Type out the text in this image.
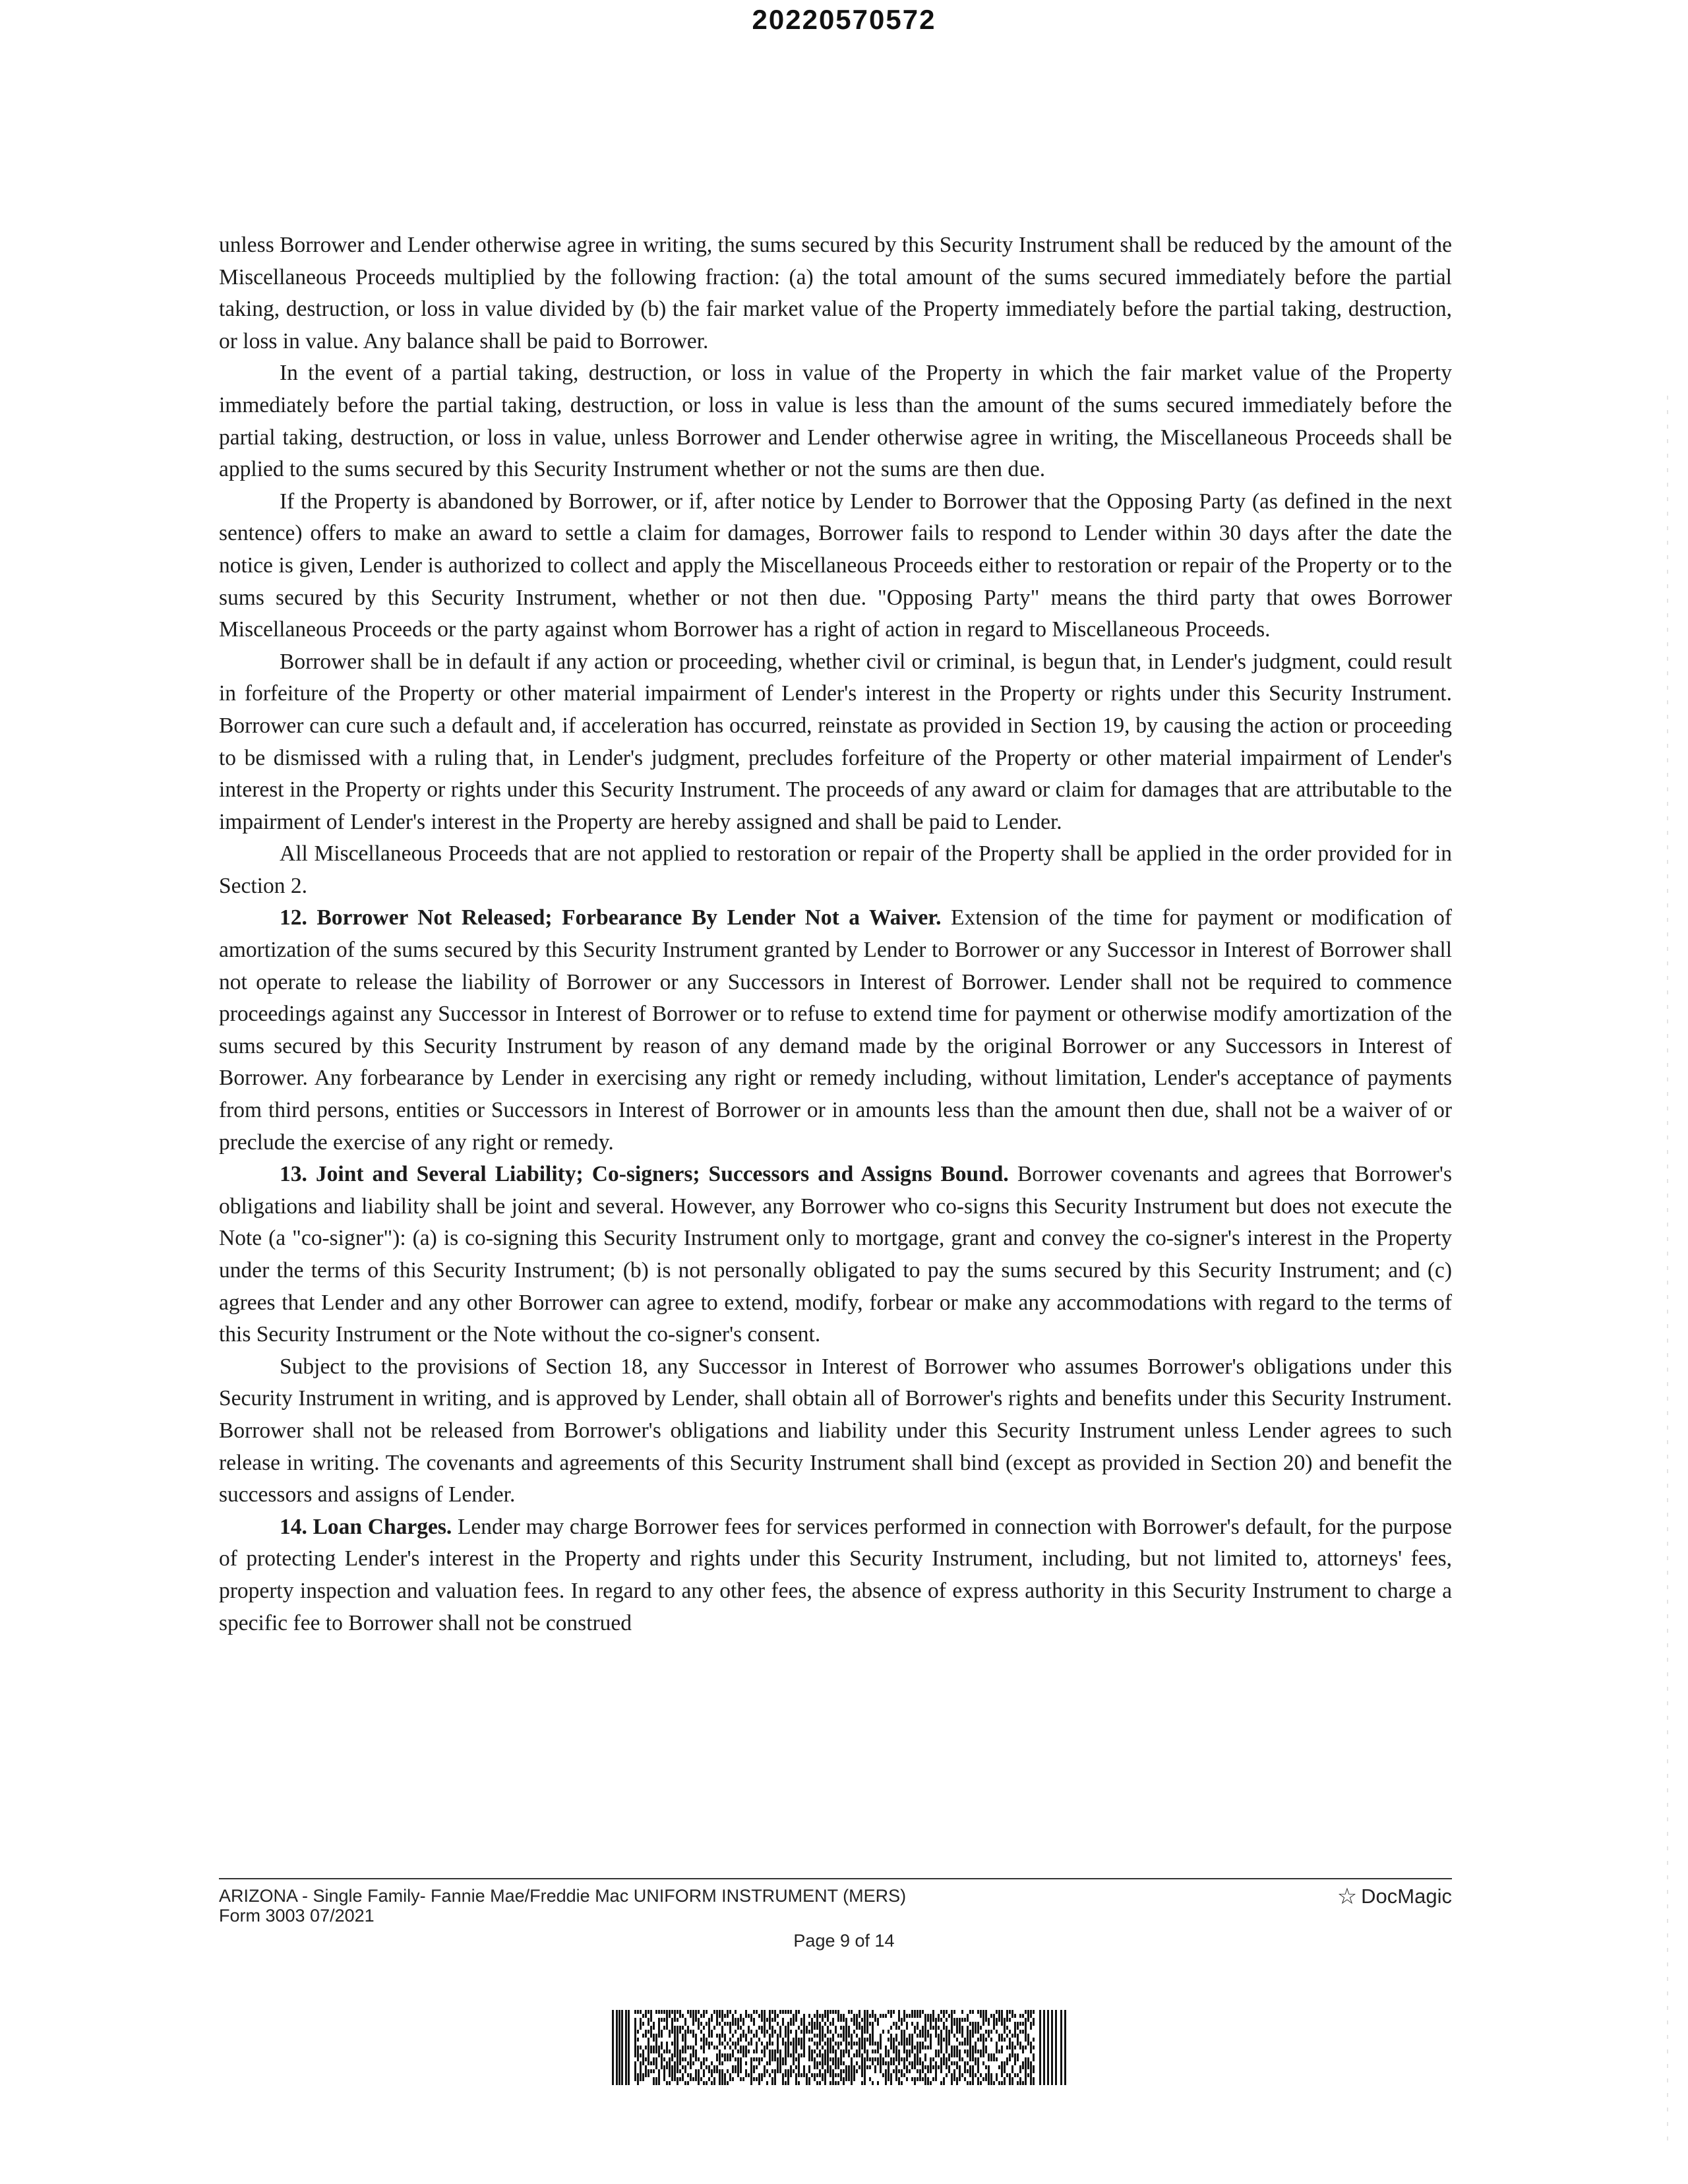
20220570572

unless Borrower and Lender otherwise agree in writing, the sums secured by this Security Instrument shall be reduced by the amount of the Miscellaneous Proceeds multiplied by the following fraction: (a) the total amount of the sums secured immediately before the partial taking, destruction, or loss in value divided by (b) the fair market value of the Property immediately before the partial taking, destruction, or loss in value. Any balance shall be paid to Borrower.

In the event of a partial taking, destruction, or loss in value of the Property in which the fair market value of the Property immediately before the partial taking, destruction, or loss in value is less than the amount of the sums secured immediately before the partial taking, destruction, or loss in value, unless Borrower and Lender otherwise agree in writing, the Miscellaneous Proceeds shall be applied to the sums secured by this Security Instrument whether or not the sums are then due.

If the Property is abandoned by Borrower, or if, after notice by Lender to Borrower that the Opposing Party (as defined in the next sentence) offers to make an award to settle a claim for damages, Borrower fails to respond to Lender within 30 days after the date the notice is given, Lender is authorized to collect and apply the Miscellaneous Proceeds either to restoration or repair of the Property or to the sums secured by this Security Instrument, whether or not then due. "Opposing Party" means the third party that owes Borrower Miscellaneous Proceeds or the party against whom Borrower has a right of action in regard to Miscellaneous Proceeds.

Borrower shall be in default if any action or proceeding, whether civil or criminal, is begun that, in Lender's judgment, could result in forfeiture of the Property or other material impairment of Lender's interest in the Property or rights under this Security Instrument. Borrower can cure such a default and, if acceleration has occurred, reinstate as provided in Section 19, by causing the action or proceeding to be dismissed with a ruling that, in Lender's judgment, precludes forfeiture of the Property or other material impairment of Lender's interest in the Property or rights under this Security Instrument. The proceeds of any award or claim for damages that are attributable to the impairment of Lender's interest in the Property are hereby assigned and shall be paid to Lender.

All Miscellaneous Proceeds that are not applied to restoration or repair of the Property shall be applied in the order provided for in Section 2.

12. Borrower Not Released; Forbearance By Lender Not a Waiver. Extension of the time for payment or modification of amortization of the sums secured by this Security Instrument granted by Lender to Borrower or any Successor in Interest of Borrower shall not operate to release the liability of Borrower or any Successors in Interest of Borrower. Lender shall not be required to commence proceedings against any Successor in Interest of Borrower or to refuse to extend time for payment or otherwise modify amortization of the sums secured by this Security Instrument by reason of any demand made by the original Borrower or any Successors in Interest of Borrower. Any forbearance by Lender in exercising any right or remedy including, without limitation, Lender's acceptance of payments from third persons, entities or Successors in Interest of Borrower or in amounts less than the amount then due, shall not be a waiver of or preclude the exercise of any right or remedy.

13. Joint and Several Liability; Co-signers; Successors and Assigns Bound. Borrower covenants and agrees that Borrower's obligations and liability shall be joint and several. However, any Borrower who co-signs this Security Instrument but does not execute the Note (a "co-signer"): (a) is co-signing this Security Instrument only to mortgage, grant and convey the co-signer's interest in the Property under the terms of this Security Instrument; (b) is not personally obligated to pay the sums secured by this Security Instrument; and (c) agrees that Lender and any other Borrower can agree to extend, modify, forbear or make any accommodations with regard to the terms of this Security Instrument or the Note without the co-signer's consent.

Subject to the provisions of Section 18, any Successor in Interest of Borrower who assumes Borrower's obligations under this Security Instrument in writing, and is approved by Lender, shall obtain all of Borrower's rights and benefits under this Security Instrument. Borrower shall not be released from Borrower's obligations and liability under this Security Instrument unless Lender agrees to such release in writing. The covenants and agreements of this Security Instrument shall bind (except as provided in Section 20) and benefit the successors and assigns of Lender.

14. Loan Charges. Lender may charge Borrower fees for services performed in connection with Borrower's default, for the purpose of protecting Lender's interest in the Property and rights under this Security Instrument, including, but not limited to, attorneys' fees, property inspection and valuation fees. In regard to any other fees, the absence of express authority in this Security Instrument to charge a specific fee to Borrower shall not be construed

ARIZONA - Single Family- Fannie Mae/Freddie Mac UNIFORM INSTRUMENT (MERS)
Form 3003 07/2021
☆ DocMagic
Page 9 of 14
